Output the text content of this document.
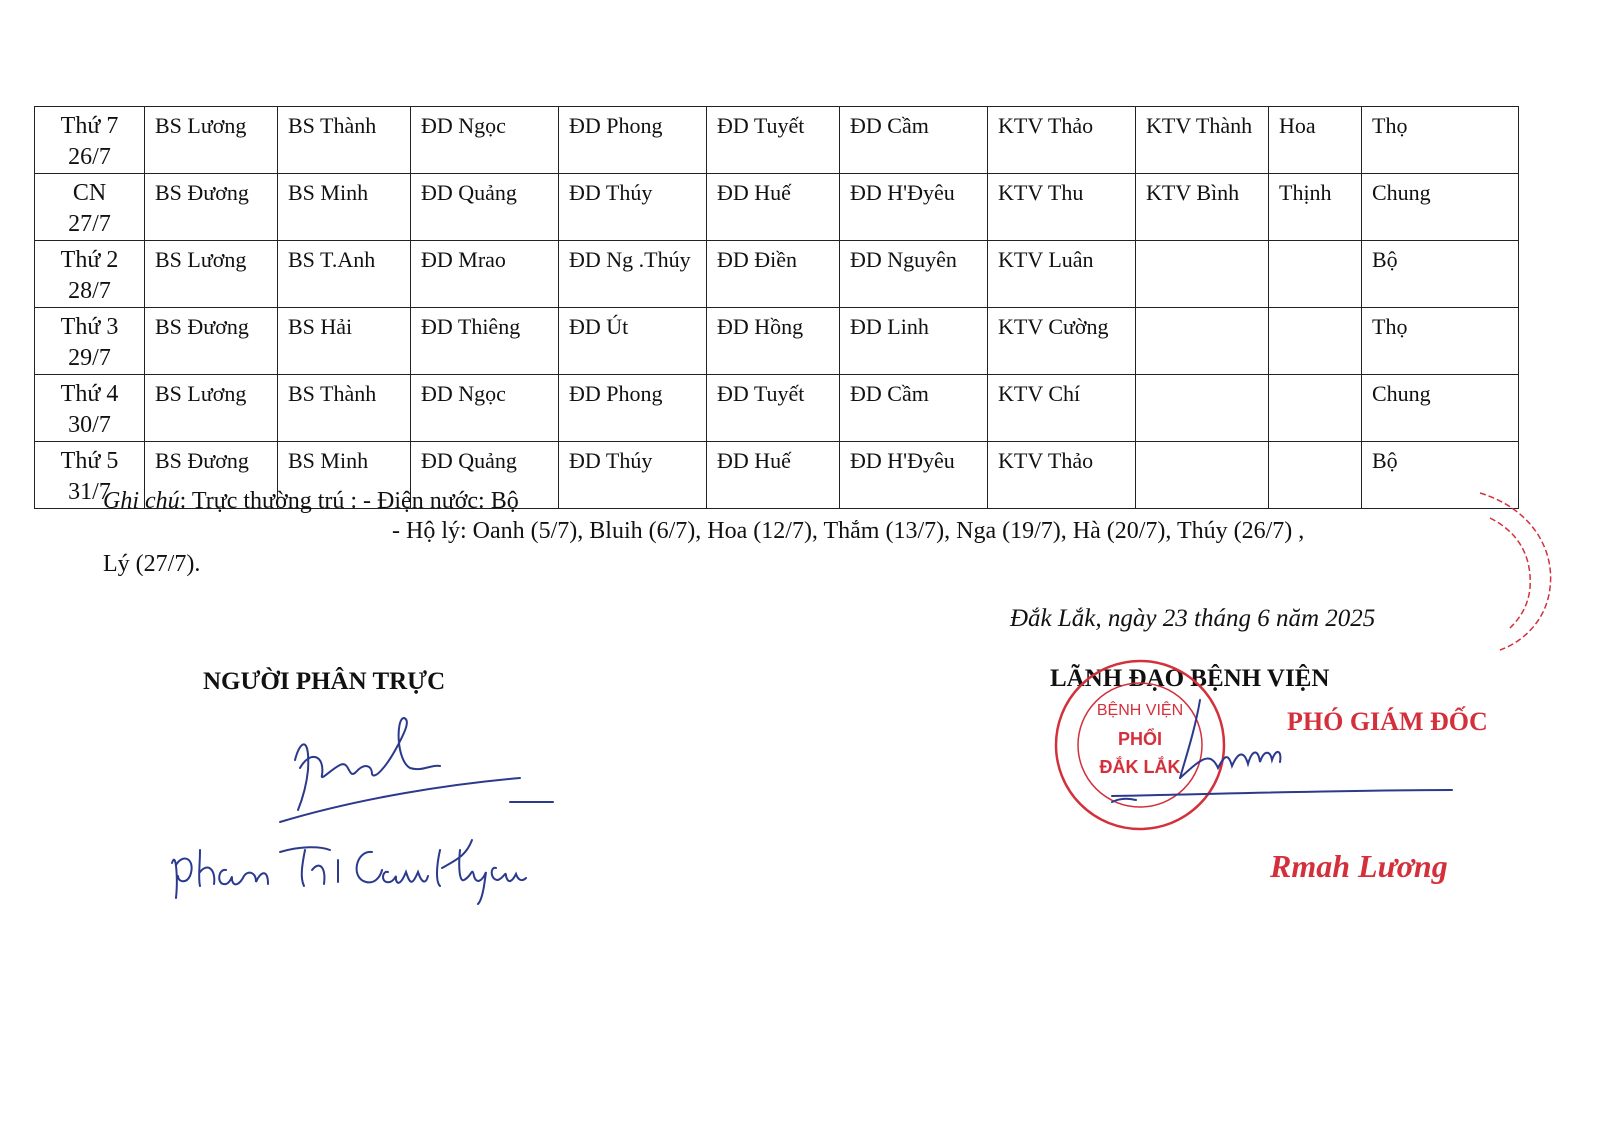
Thứ 7
26/7	BS Lương	BS Thành	ĐD Ngọc	ĐD Phong	ĐD Tuyết	ĐD Cầm	KTV Thảo	KTV Thành	Hoa	Thọ

CN
27/7	BS Đương	BS Minh	ĐD Quảng	ĐD Thúy	ĐD Huế	ĐD H'Đyêu	KTV Thu	KTV Bình	Thịnh	Chung

Thứ 2
28/7	BS Lương	BS T.Anh	ĐD Mrao	ĐD Ng .Thúy	ĐD Điền	ĐD Nguyên	KTV Luân			Bộ

Thứ 3
29/7	BS Đương	BS Hải	ĐD Thiêng	ĐD Út	ĐD Hồng	ĐD Linh	KTV Cường			Thọ

Thứ 4
30/7	BS Lương	BS Thành	ĐD Ngọc	ĐD Phong	ĐD Tuyết	ĐD Cầm	KTV Chí			Chung

Thứ 5
31/7	BS Đương	BS Minh	ĐD Quảng	ĐD Thúy	ĐD Huế	ĐD H'Đyêu	KTV Thảo			Bộ
Ghi chú: Trực thường trú : - Điện nước: Bộ
- Hộ lý: Oanh (5/7), Bluih (6/7), Hoa (12/7), Thắm (13/7), Nga (19/7), Hà (20/7), Thúy (26/7) ,
Lý (27/7).
Đắk Lắk, ngày 23 tháng 6 năm 2025
NGƯỜI PHÂN TRỰC	LÃNH ĐẠO BỆNH VIỆN
BỆNH VIỆN
PHỔI
ĐẮK LẮK
PHÓ GIÁM ĐỐC
Rmah Lương
